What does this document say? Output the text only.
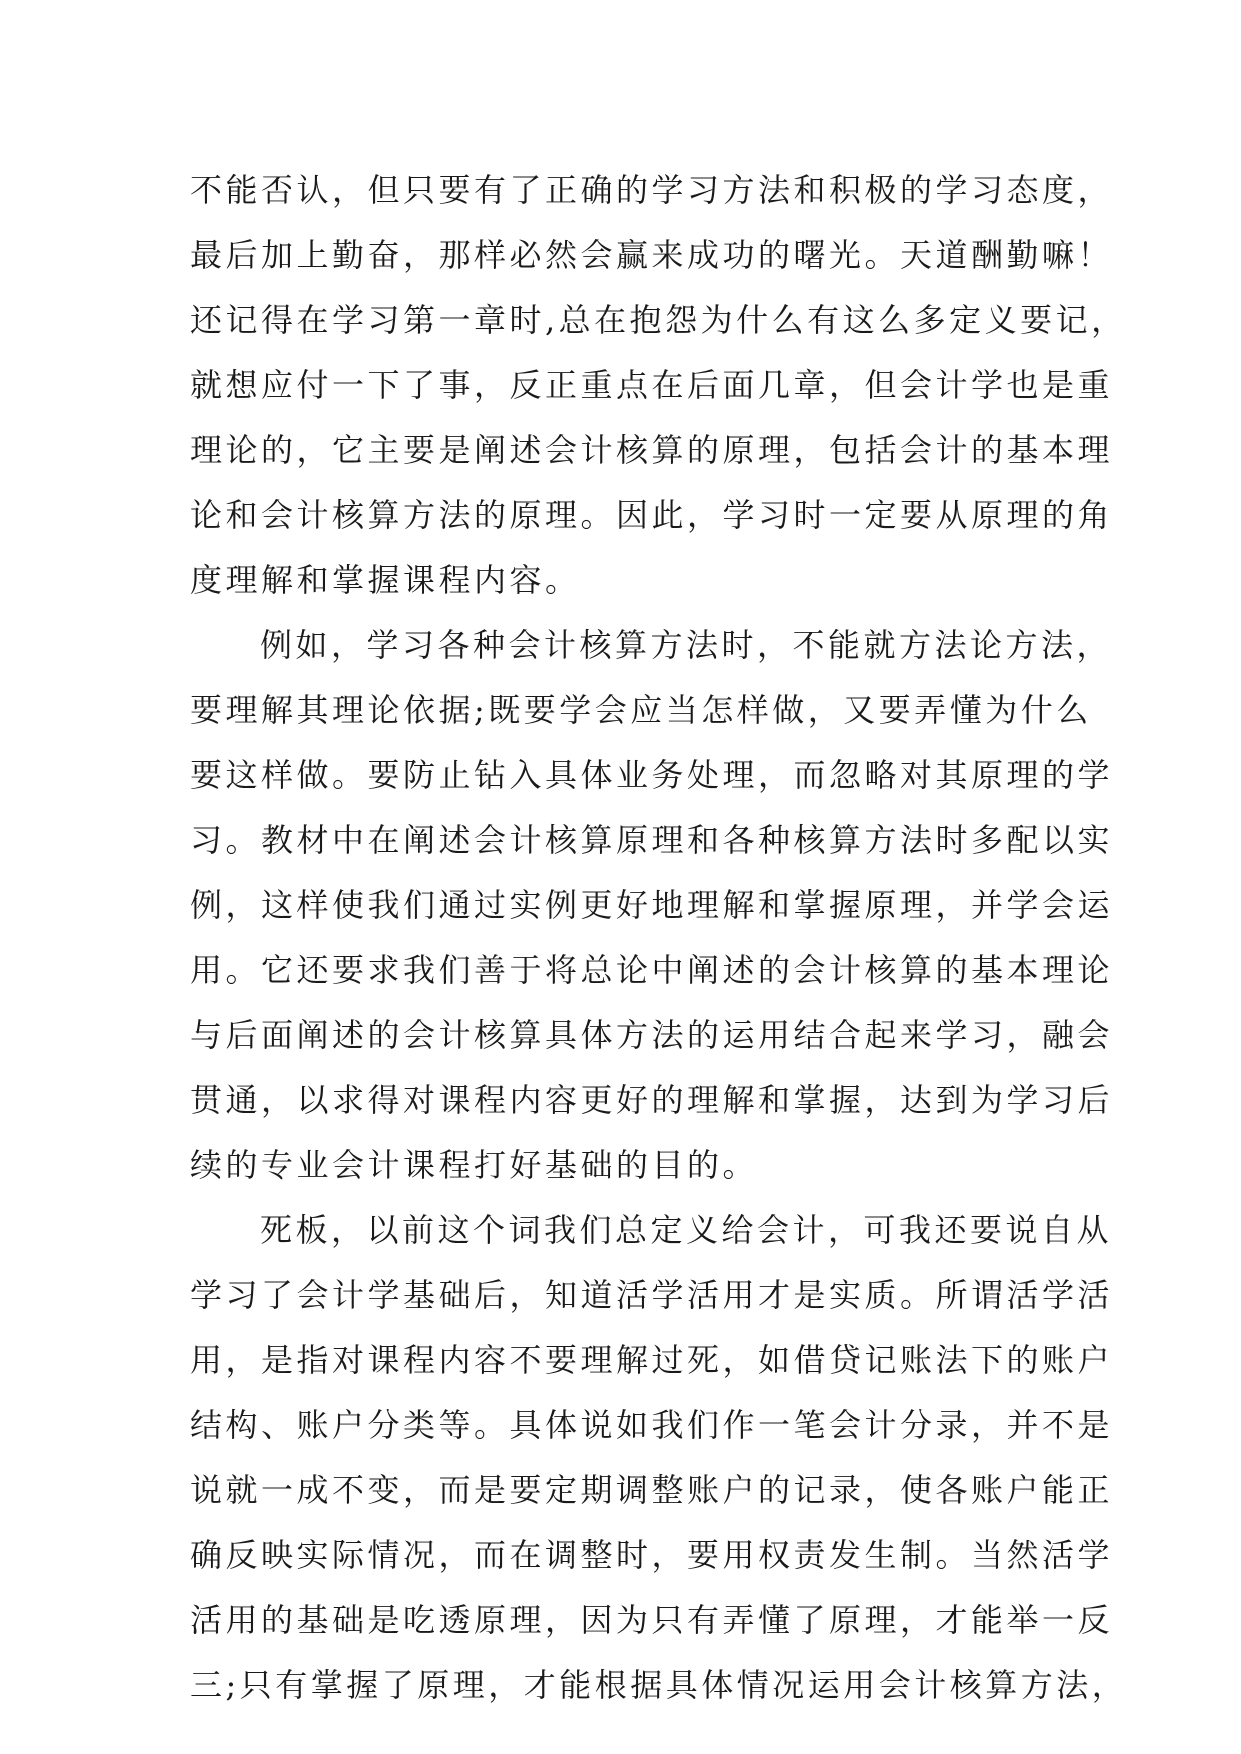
不能否认，但只要有了正确的学习方法和积极的学习态度，
最后加上勤奋，那样必然会赢来成功的曙光。天道酬勤嘛！
还记得在学习第一章时,总在抱怨为什么有这么多定义要记，
就想应付一下了事，反正重点在后面几章，但会计学也是重
理论的，它主要是阐述会计核算的原理，包括会计的基本理
论和会计核算方法的原理。因此，学习时一定要从原理的角
度理解和掌握课程内容。
例如，学习各种会计核算方法时，不能就方法论方法，
要理解其理论依据;既要学会应当怎样做，又要弄懂为什么
要这样做。要防止钻入具体业务处理，而忽略对其原理的学
习。教材中在阐述会计核算原理和各种核算方法时多配以实
例，这样使我们通过实例更好地理解和掌握原理，并学会运
用。它还要求我们善于将总论中阐述的会计核算的基本理论
与后面阐述的会计核算具体方法的运用结合起来学习，融会
贯通，以求得对课程内容更好的理解和掌握，达到为学习后
续的专业会计课程打好基础的目的。
死板，以前这个词我们总定义给会计，可我还要说自从
学习了会计学基础后，知道活学活用才是实质。所谓活学活
用，是指对课程内容不要理解过死，如借贷记账法下的账户
结构、账户分类等。具体说如我们作一笔会计分录，并不是
说就一成不变，而是要定期调整账户的记录，使各账户能正
确反映实际情况，而在调整时，要用权责发生制。当然活学
活用的基础是吃透原理，因为只有弄懂了原理，才能举一反
三;只有掌握了原理，才能根据具体情况运用会计核算方法，
